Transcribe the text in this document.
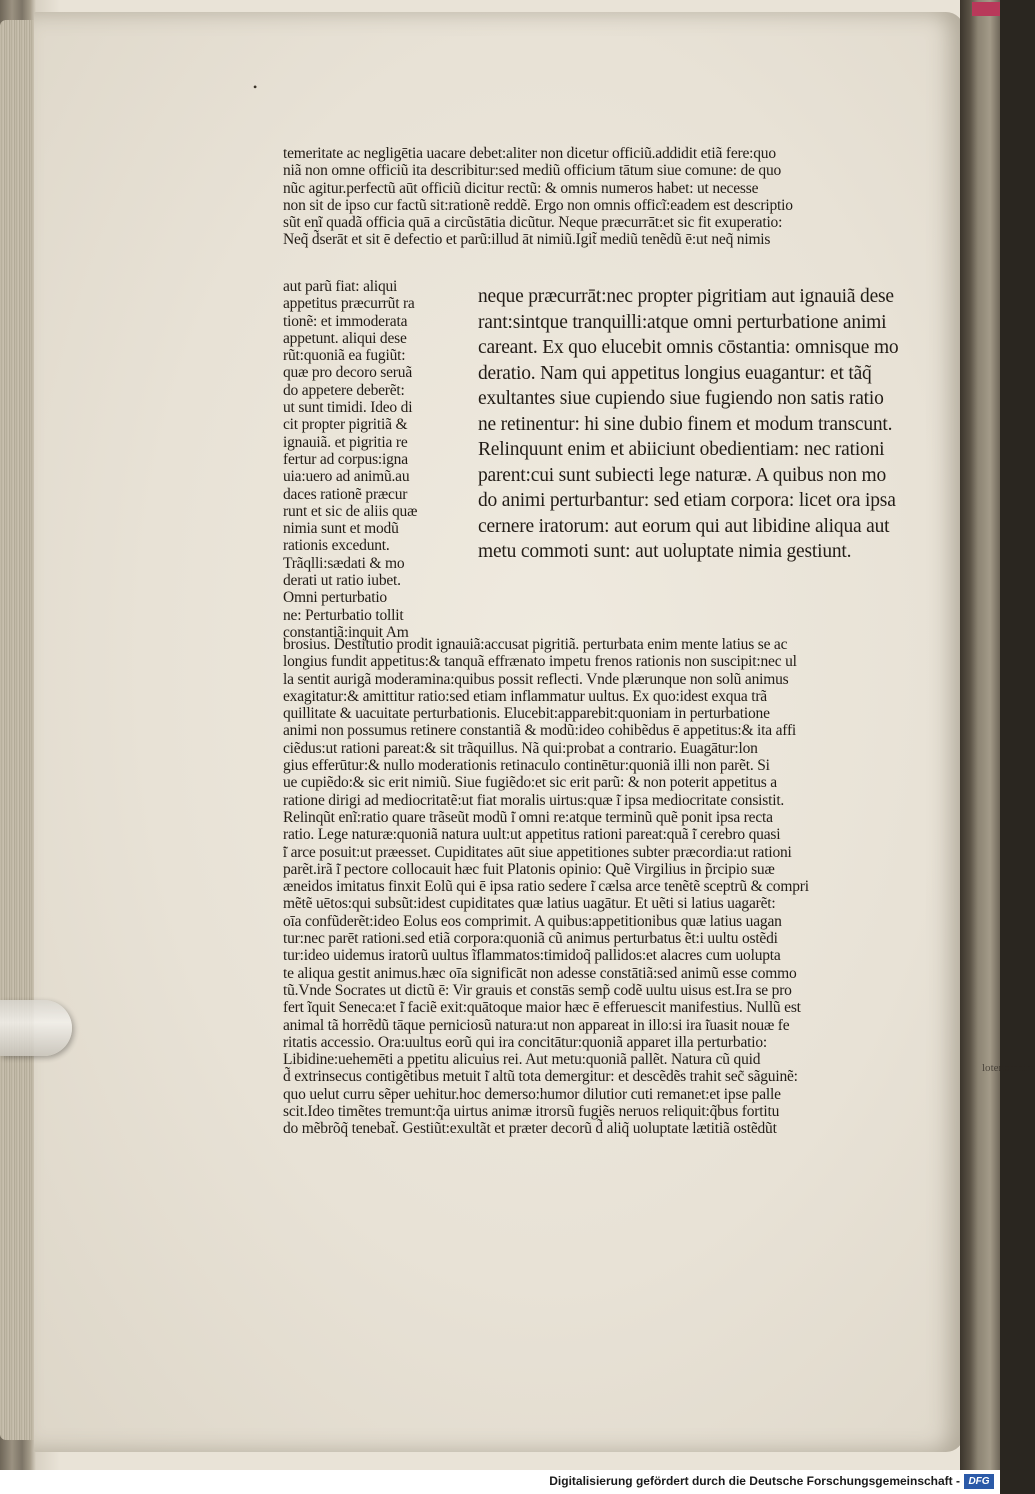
lotenoraaira
•
temeritate ac negligētia uacare debet:aliter non dicetur officiũ.addidit etiã fere:quo
niã non omne officiũ ita describitur:sed mediũ officium tātum siue comune: de quo
nũc agitur.perfectũ aūt officiũ dicitur rectũ: & omnis numeros habet: ut necesse
non sit de ipso cur factũ sit:rationẽ reddẽ. Ergo non omnis officĩ:eadem est descriptio
sũt enĩ quadã officia quā a circũstātia dicũtur. Neque præcurrāt:et sic fit exuperatio:
Neq̃ d̃serāt et sit ē defectio et parũ:illud āt nimiũ.Igit̃ mediũ tenẽdũ ē:ut neq̃ nimis
aut parũ fiat: aliqui
appetitus præcurrũt ra
tionẽ: et immoderata
appetunt. aliqui dese
rũt:quoniã ea fugiũt:
quæ pro decoro seruã
do appetere deberẽt:
ut sunt timidi. Ideo di
cit propter pigritiã &
ignauiã. et pigritia re
fertur ad corpus:igna
uia:uero ad animũ.au
daces rationẽ præcur
runt et sic de aliis quæ
nimia sunt et modũ
rationis excedunt.
Trãqlli:sædati & mo
derati ut ratio iubet.
Omni perturbatio
ne: Perturbatio tollit
constantiã:inquit Am
neque præcurrāt:nec propter pigritiam aut ignauiã dese
rant:sintque tranquilli:atque omni perturbatione animi
careant. Ex quo elucebit omnis cōstantia: omnisque mo
deratio. Nam qui appetitus longius euagantur: et tãq̃
exultantes siue cupiendo siue fugiendo non satis ratio
ne retinentur: hi sine dubio finem et modum transcunt.
Relinquunt enim et abiiciunt obedientiam: nec rationi
parent:cui sunt subiecti lege naturæ. A quibus non mo
do animi perturbantur: sed etiam corpora: licet ora ipsa
cernere iratorum: aut eorum qui aut libidine aliqua aut
metu commoti sunt: aut uoluptate nimia gestiunt.
brosius. Destitutio prodit ignauiã:accusat pigritiã. perturbata enim mente latius se ac
longius fundit appetitus:& tanquã effrænato impetu frenos rationis non suscipit:nec ul
la sentit aurigã moderamina:quibus possit reflecti. Vnde plærunque non solũ animus
exagitatur:& amittitur ratio:sed etiam inflammatur uultus. Ex quo:idest exqua trã
quillitate & uacuitate perturbationis. Elucebit:apparebit:quoniam in perturbatione
animi non possumus retinere constantiã & modũ:ideo cohibẽdus ē appetitus:& ita affi
ciẽdus:ut rationi pareat:& sit trãquillus. Nã qui:probat a contrario. Euagātur:lon
gius efferūtur:& nullo moderationis retinaculo continētur:quoniã illi non parẽt. Si
ue cupiẽdo:& sic erit nimiũ. Siue fugiẽdo:et sic erit parũ: & non poterit appetitus a
ratione dirigi ad mediocritatẽ:ut fiat moralis uirtus:quæ ̃i ipsa mediocritate consistit.
Relinqũt enĩ:ratio quare trãseũt modũ ̃i omni re:atque terminũ quẽ ponit ipsa recta
ratio. Lege naturæ:quoniã natura uult:ut appetitus rationi pareat:quã ̃i cerebro quasi
̃i arce posuit:ut præesset. Cupiditates aūt siue appetitiones subter præcordia:ut rationi
parẽt.irã ̃i pectore collocauit hæc fuit Platonis opinio: Quẽ Virgilius in p̃rcipio suæ
æneidos imitatus finxit Eolũ qui ē ipsa ratio sedere ̃i cælsa arce tenẽtẽ sceptrũ & compri
mẽtẽ uētos:qui subsũt:idest cupiditates quæ latius uagātur. Et uẽti si latius uagarẽt:
oīa confũderẽt:ideo Eolus eos comprimit. A quibus:appetitionibus quæ latius uagan
tur:nec parēt rationi.sed etiã corpora:quoniã cũ animus perturbatus ẽt:i uultu ostẽdi
tur:ideo uidemus iratorũ uultus ĩflammatos:timidoq̃ pallidos:et alacres cum uolupta
te aliqua gestit animus.hæc oīa significāt non adesse constātiã:sed animũ esse commo
tũ.Vnde Socrates ut dictũ ē: Vir grauis et constās semp̃ codẽ uultu uisus est.Ira se pro
fert ĩquit Seneca:et ̃i faciẽ exit:quātoque maior hæc ē efferuescit manifestius. Nullũ est
animal tã horrẽdũ tāque perniciosũ natura:ut non appareat in illo:si ira ̃iuasit nouæ fe
ritatis accessio. Ora:uultus eorũ qui ira concitātur:quoniã apparet illa perturbatio:
Libidine:uehemēti a ppetitu alicuius rei. Aut metu:quoniã pallẽt. Natura cũ quid
d̃ extrinsecus contigẽtibus metuit ̃i altũ tota demergitur: et descẽdẽs trahit sec̃ sãguinẽ:
quo uelut curru sẽper uehitur.hoc demerso:humor dilutior cuti remanet:et ipse palle
scit.Ideo timẽtes tremunt:q̃a uirtus animæ itrorsũ fugiẽs neruos reliquit:q̃bus fortitu
do mẽbrõq̃ tenebat̃. Gestiũt:exultãt et præter decorũ d̃ aliq̃ uoluptate lætitiã ostẽdũt
Digitalisierung gefördert durch die Deutsche Forschungsgemeinschaft - DFG
